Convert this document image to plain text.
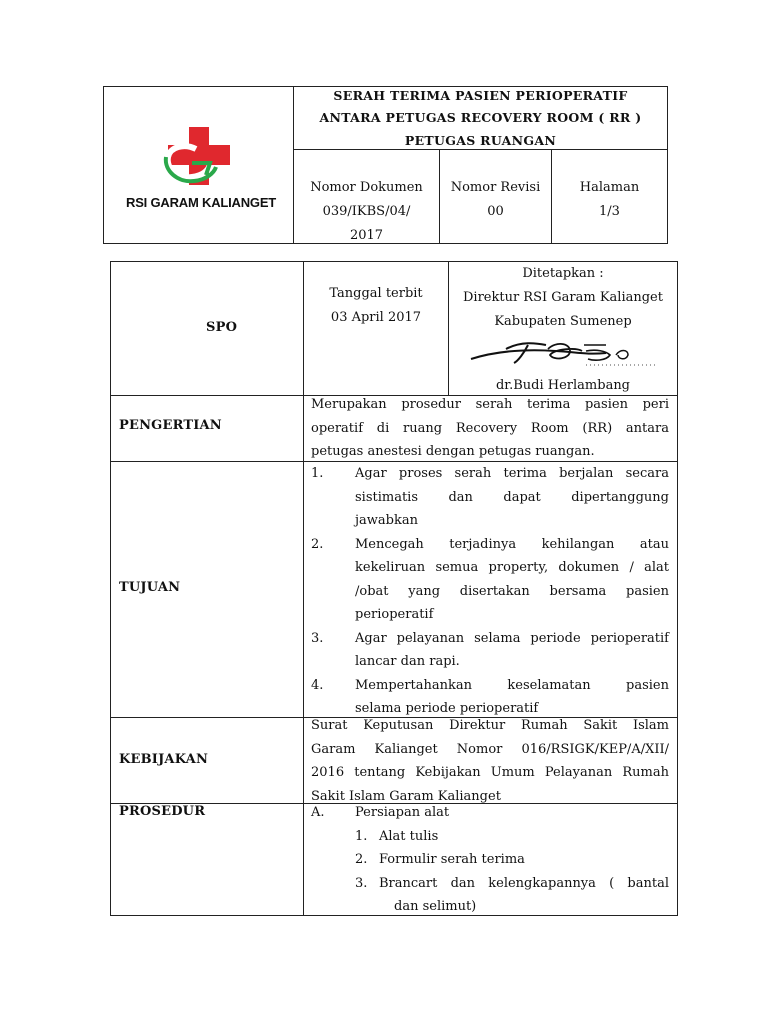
RSI GARAM KALIANGET
SERAH TERIMA PASIEN PERIOPERATIF
ANTARA PETUGAS RECOVERY ROOM ( RR )
PETUGAS RUANGAN
Nomor Dokumen
039/IKBS/04/
2017
Nomor Revisi
00
Halaman
1/3
SPO
Tanggal terbit
03 April 2017
Ditetapkan :
Direktur RSI Garam Kalianget
Kabupaten Sumenep
dr.Budi Herlambang
PENGERTIAN
Merupakan prosedur serah terima pasien peri
operatif di ruang Recovery Room (RR) antara
petugas anestesi dengan petugas ruangan.
TUJUAN
1. Agar proses serah terima berjalan secara
sistimatis dan dapat dipertanggung
jawabkan
2. Mencegah terjadinya kehilangan atau
kekeliruan semua property, dokumen / alat
/obat yang disertakan bersama pasien
perioperatif
3. Agar pelayanan selama periode perioperatif
lancar dan rapi.
4. Mempertahankan keselamatan pasien
selama periode perioperatif
KEBIJAKAN
Surat Keputusan Direktur Rumah Sakit Islam
Garam Kalianget Nomor 016/RSIGK/KEP/A/XII/
2016 tentang Kebijakan Umum Pelayanan Rumah
Sakit Islam Garam Kalianget
PROSEDUR	A. Persiapan alat
1. Alat tulis
2. Formulir serah terima
3. Brancart dan kelengkapannya ( bantal
dan selimut)
